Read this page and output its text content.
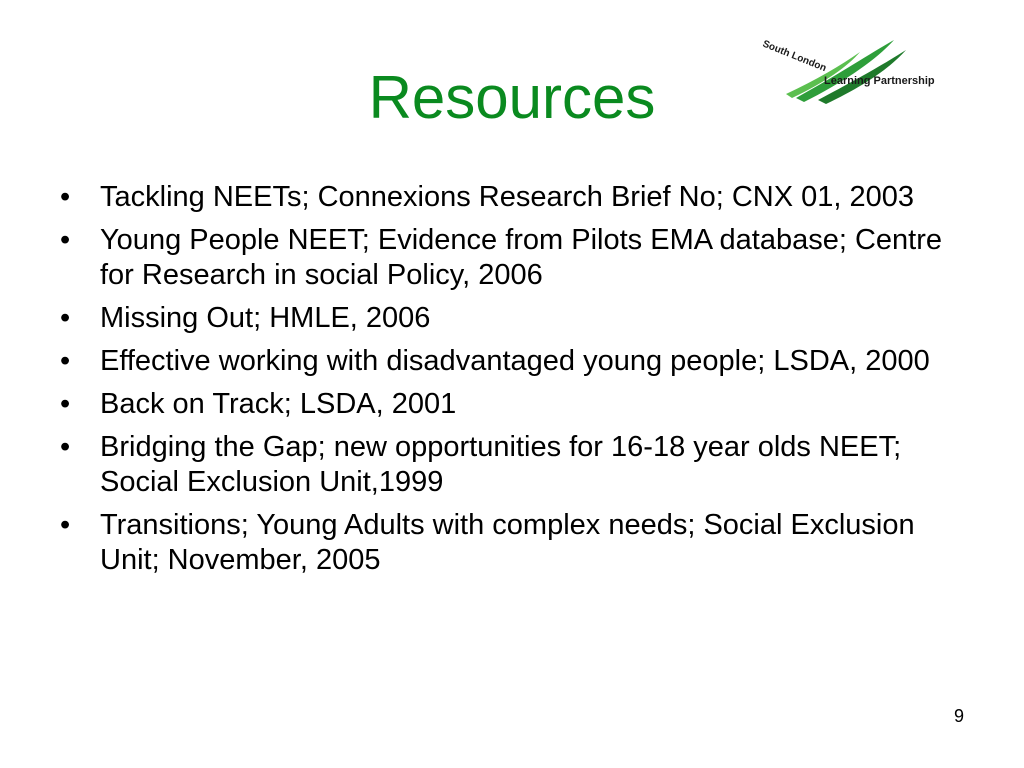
Resources
South London
Learning Partnership
• Tackling NEETs; Connexions Research Brief No; CNX 01, 2003
• Young People NEET; Evidence from Pilots EMA database; Centre for Research in social Policy, 2006
• Missing Out; HMLE, 2006
• Effective working with disadvantaged young people; LSDA, 2000
• Back on Track; LSDA, 2001
• Bridging the Gap; new opportunities for 16-18 year olds NEET; Social Exclusion Unit,1999
• Transitions; Young Adults with complex needs; Social Exclusion Unit; November, 2005
9
